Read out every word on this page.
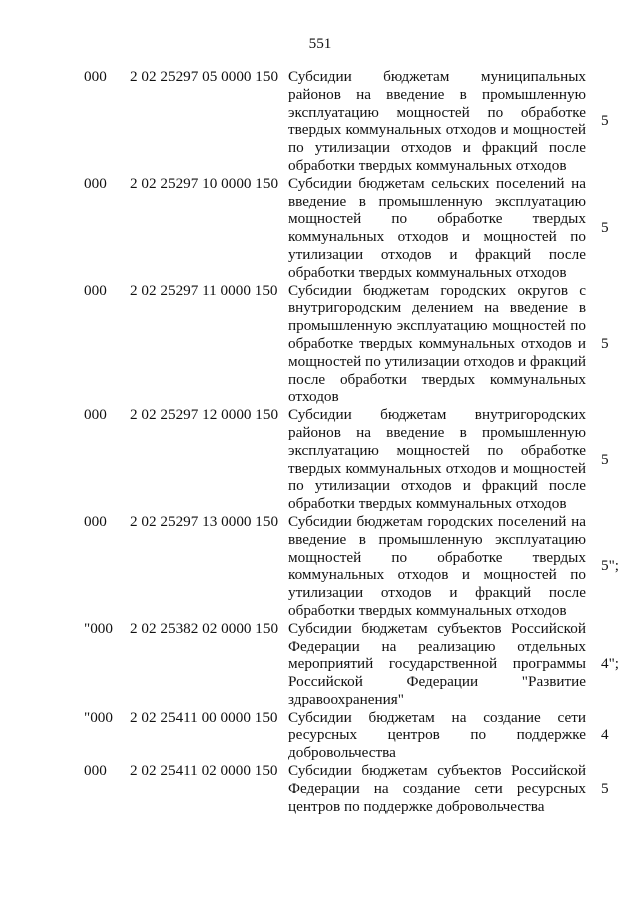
551
000 2 02 25297 05 0000 150 Субсидии бюджетам муниципальных районов на введение в промышленную эксплуатацию мощностей по обработке твердых коммунальных отходов и мощностей по утилизации отходов и фракций после обработки твердых коммунальных отходов
5
000 2 02 25297 10 0000 150 Субсидии бюджетам сельских поселений на введение в промышленную эксплуатацию мощностей по обработке твердых коммунальных отходов и мощностей по утилизации отходов и фракций после обработки твердых коммунальных отходов
5
000 2 02 25297 11 0000 150 Субсидии бюджетам городских округов с внутригородским делением на введение в промышленную эксплуатацию мощностей по обработке твердых коммунальных отходов и мощностей по утилизации отходов и фракций после обработки твердых коммунальных отходов
5
000 2 02 25297 12 0000 150 Субсидии бюджетам внутригородских районов на введение в промышленную эксплуатацию мощностей по обработке твердых коммунальных отходов и мощностей по утилизации отходов и фракций после обработки твердых коммунальных отходов
5
000 2 02 25297 13 0000 150 Субсидии бюджетам городских поселений на введение в промышленную эксплуатацию мощностей по обработке твердых коммунальных отходов и мощностей по утилизации отходов и фракций после обработки твердых коммунальных отходов
5";
"000 2 02 25382 02 0000 150 Субсидии бюджетам субъектов Российской Федерации на реализацию отдельных мероприятий государственной программы Российской Федерации "Развитие здравоохранения"
4";
"000 2 02 25411 00 0000 150 Субсидии бюджетам на создание сети ресурсных центров по поддержке добровольчества
4
000 2 02 25411 02 0000 150 Субсидии бюджетам субъектов Российской Федерации на создание сети ресурсных центров по поддержке добровольчества
5
